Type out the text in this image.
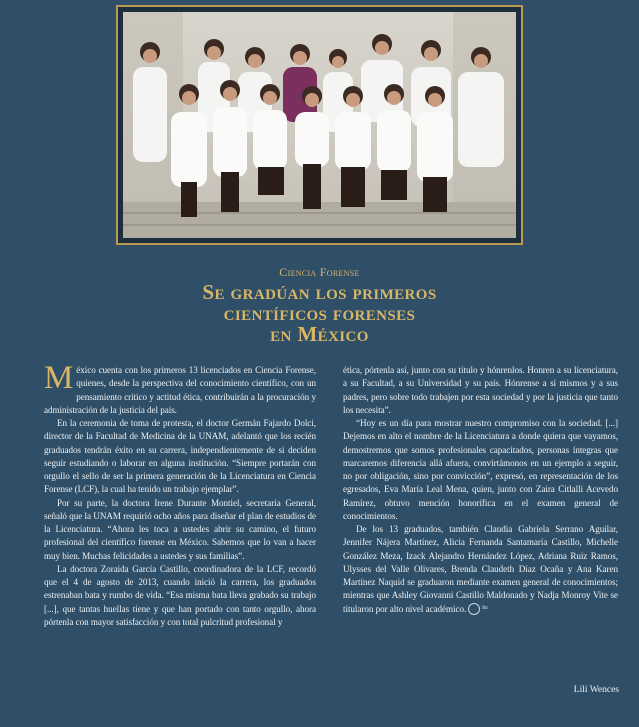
Ciencia Forense
Se gradúan los primeros
científicos forenses
en México

México cuenta con los primeros 13 licenciados en Ciencia Forense, quienes, desde la perspectiva del conocimiento científico, con un pensamiento crítico y actitud ética, contribuirán a la procuración y administración de la justicia del país.

En la ceremonia de toma de protesta, el doctor Germán Fajardo Dolci, director de la Facultad de Medicina de la UNAM, adelantó que los recién graduados tendrán éxito en su carrera, independientemente de si deciden seguir estudiando o laborar en alguna institución. “Siempre portarán con orgullo el sello de ser la primera generación de la Licenciatura en Ciencia Forense (LCF), la cual ha tenido un trabajo ejemplar”.

Por su parte, la doctora Irene Durante Montiel, secretaria General, señaló que la UNAM requirió ocho años para diseñar el plan de estudios de la Licenciatura. “Ahora les toca a ustedes abrir su camino, el futuro profesional del científico forense en México. Sabemos que lo van a hacer muy bien. Muchas felicidades a ustedes y sus familias”.

La doctora Zoraida García Castillo, coordinadora de la LCF, recordó que el 4 de agosto de 2013, cuando inició la carrera, los graduados estrenaban bata y rumbo de vida. “Esa misma bata lleva grabado su trabajo [...], que tantas huellas tiene y que han portado con tanto orgullo, ahora pórtenla con mayor satisfacción y con total pulcritud profesional y

ética, pórtenla así, junto con su título y hónrenlos. Honren a su licenciatura, a su Facultad, a su Universidad y su país. Hónrense a sí mismos y a sus padres, pero sobre todo trabajen por esta sociedad y por la justicia que tanto los necesita”.

“Hoy es un día para mostrar nuestro compromiso con la sociedad. [...] Dejemos en alto el nombre de la Licenciatura a donde quiera que vayamos, demostremos que somos profesionales capacitados, personas íntegras que marcaremos diferencia allá afuera, convirtámonos en un ejemplo a seguir, no por obligación, sino por convicción”, expresó, en representación de los egresados, Eva María Leal Mena, quien, junto con Zaira Citlalli Acevedo Ramírez, obtuvo mención honorífica en el examen general de conocimientos.

De los 13 graduados, también Claudia Gabriela Serrano Aguilar, Jennifer Nájera Martínez, Alicia Fernanda Santamaría Castillo, Michelle González Meza, Izack Alejandro Hernández López, Adriana Ruiz Ramos, Ulysses del Valle Olivares, Brenda Claudeth Díaz Ocaña y Ana Karen Martínez Naquid se graduaron mediante examen general de conocimientos; mientras que Ashley Giovanni Castillo Maldonado y Nadja Monroy Vite se titularon por alto nivel académico.	fm

Lili Wences
